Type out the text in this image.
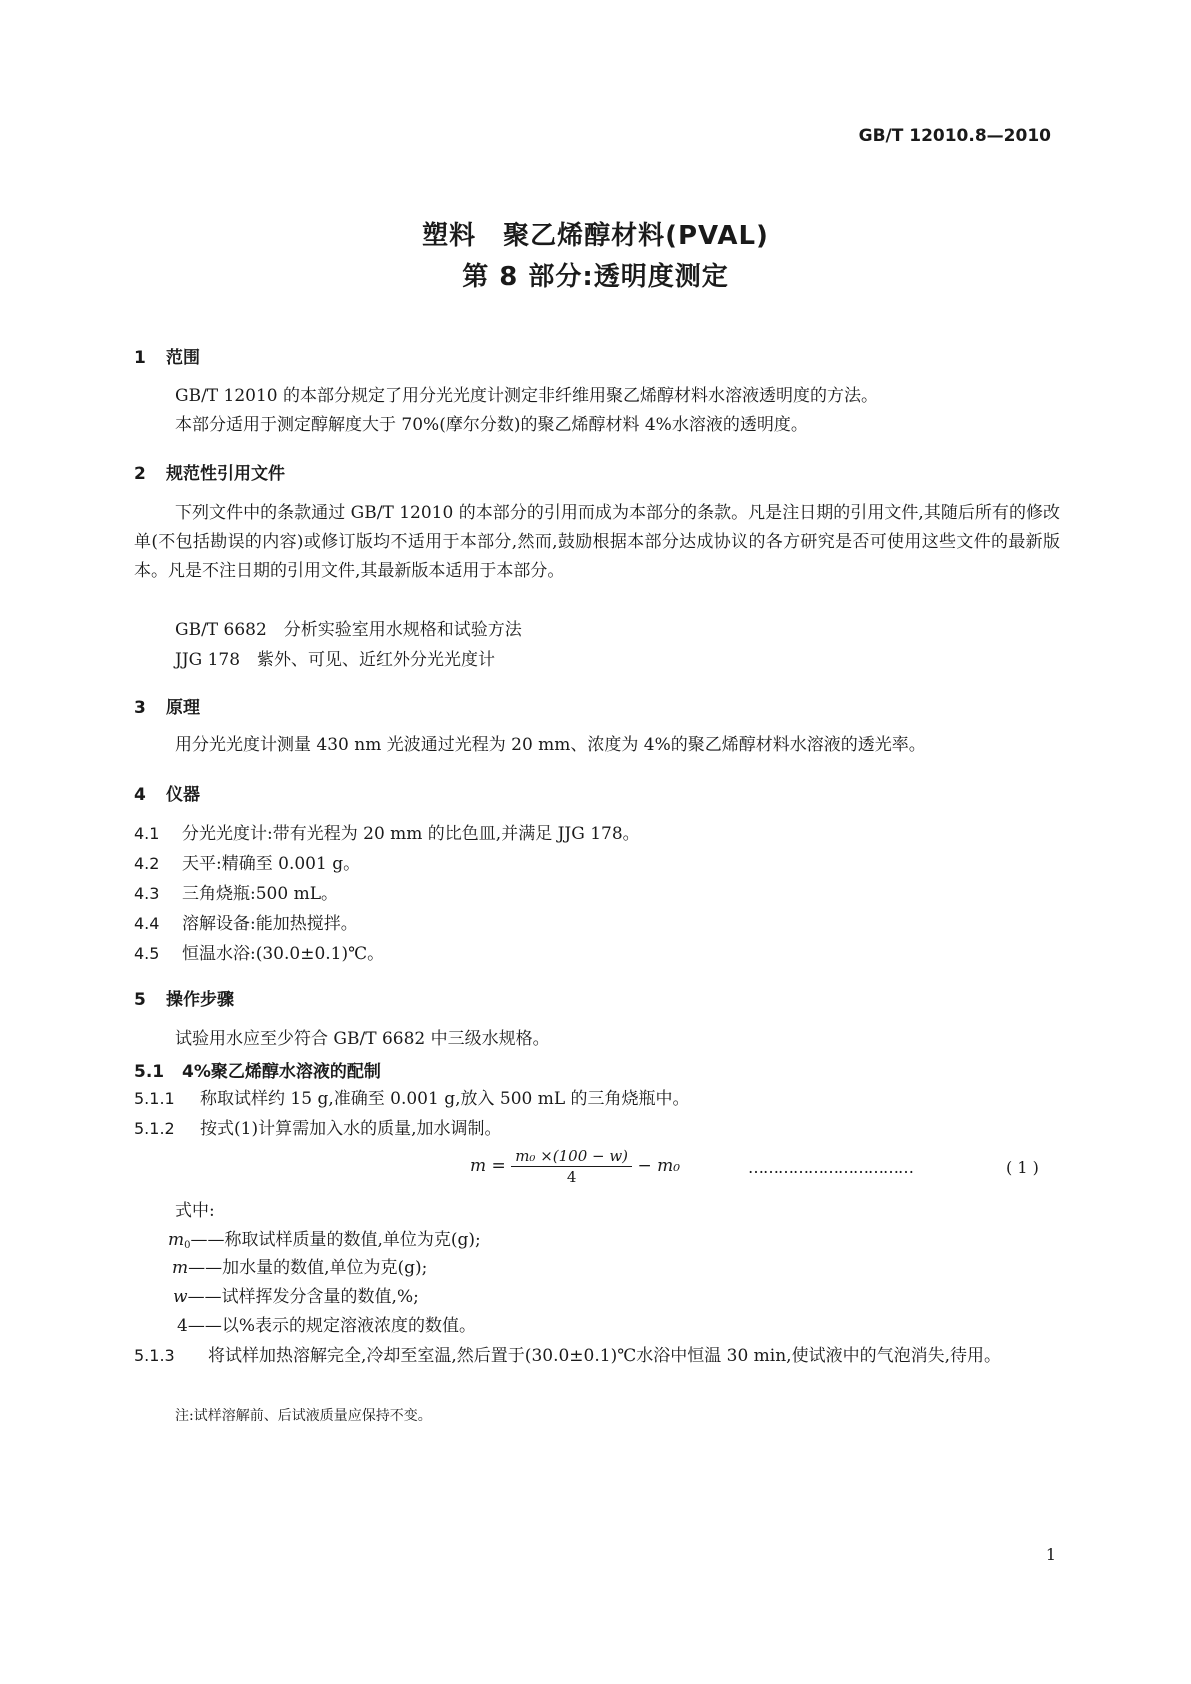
GB/T 12010.8—2010
塑料　聚乙烯醇材料(PVAL)
第 8 部分:透明度测定
1 范围
GB/T 12010 的本部分规定了用分光光度计测定非纤维用聚乙烯醇材料水溶液透明度的方法。
本部分适用于测定醇解度大于 70%(摩尔分数)的聚乙烯醇材料 4%水溶液的透明度。
2 规范性引用文件
下列文件中的条款通过 GB/T 12010 的本部分的引用而成为本部分的条款。凡是注日期的引用文件,其随后所有的修改单(不包括勘误的内容)或修订版均不适用于本部分,然而,鼓励根据本部分达成协议的各方研究是否可使用这些文件的最新版本。凡是不注日期的引用文件,其最新版本适用于本部分。
GB/T 6682　分析实验室用水规格和试验方法
JJG 178　紫外、可见、近红外分光光度计
3 原理
用分光光度计测量 430 nm 光波通过光程为 20 mm、浓度为 4%的聚乙烯醇材料水溶液的透光率。
4 仪器
4.1 分光光度计:带有光程为 20 mm 的比色皿,并满足 JJG 178。
4.2 天平:精确至 0.001 g。
4.3 三角烧瓶:500 mL。
4.4 溶解设备:能加热搅拌。
4.5 恒温水浴:(30.0±0.1)℃。
5 操作步骤
试验用水应至少符合 GB/T 6682 中三级水规格。
5.1 4%聚乙烯醇水溶液的配制
5.1.1 称取试样约 15 g,准确至 0.001 g,放入 500 mL 的三角烧瓶中。
5.1.2 按式(1)计算需加入水的质量,加水调制。
$m = \frac{\text{m₀ ×(100 − w)}}{4} - m_0$	……………………………	( 1 )
式中:
$m_0——$称取试样质量的数值,单位为克(g);
m——加水量的数值,单位为克(g);
w——试样挥发分含量的数值,%;
4——以%表示的规定溶液浓度的数值。
5.1.3 将试样加热溶解完全,冷却至室温,然后置于(30.0±0.1)℃水浴中恒温 30 min,使试液中的气泡消失,待用。
注:试样溶解前、后试液质量应保持不变。
1
